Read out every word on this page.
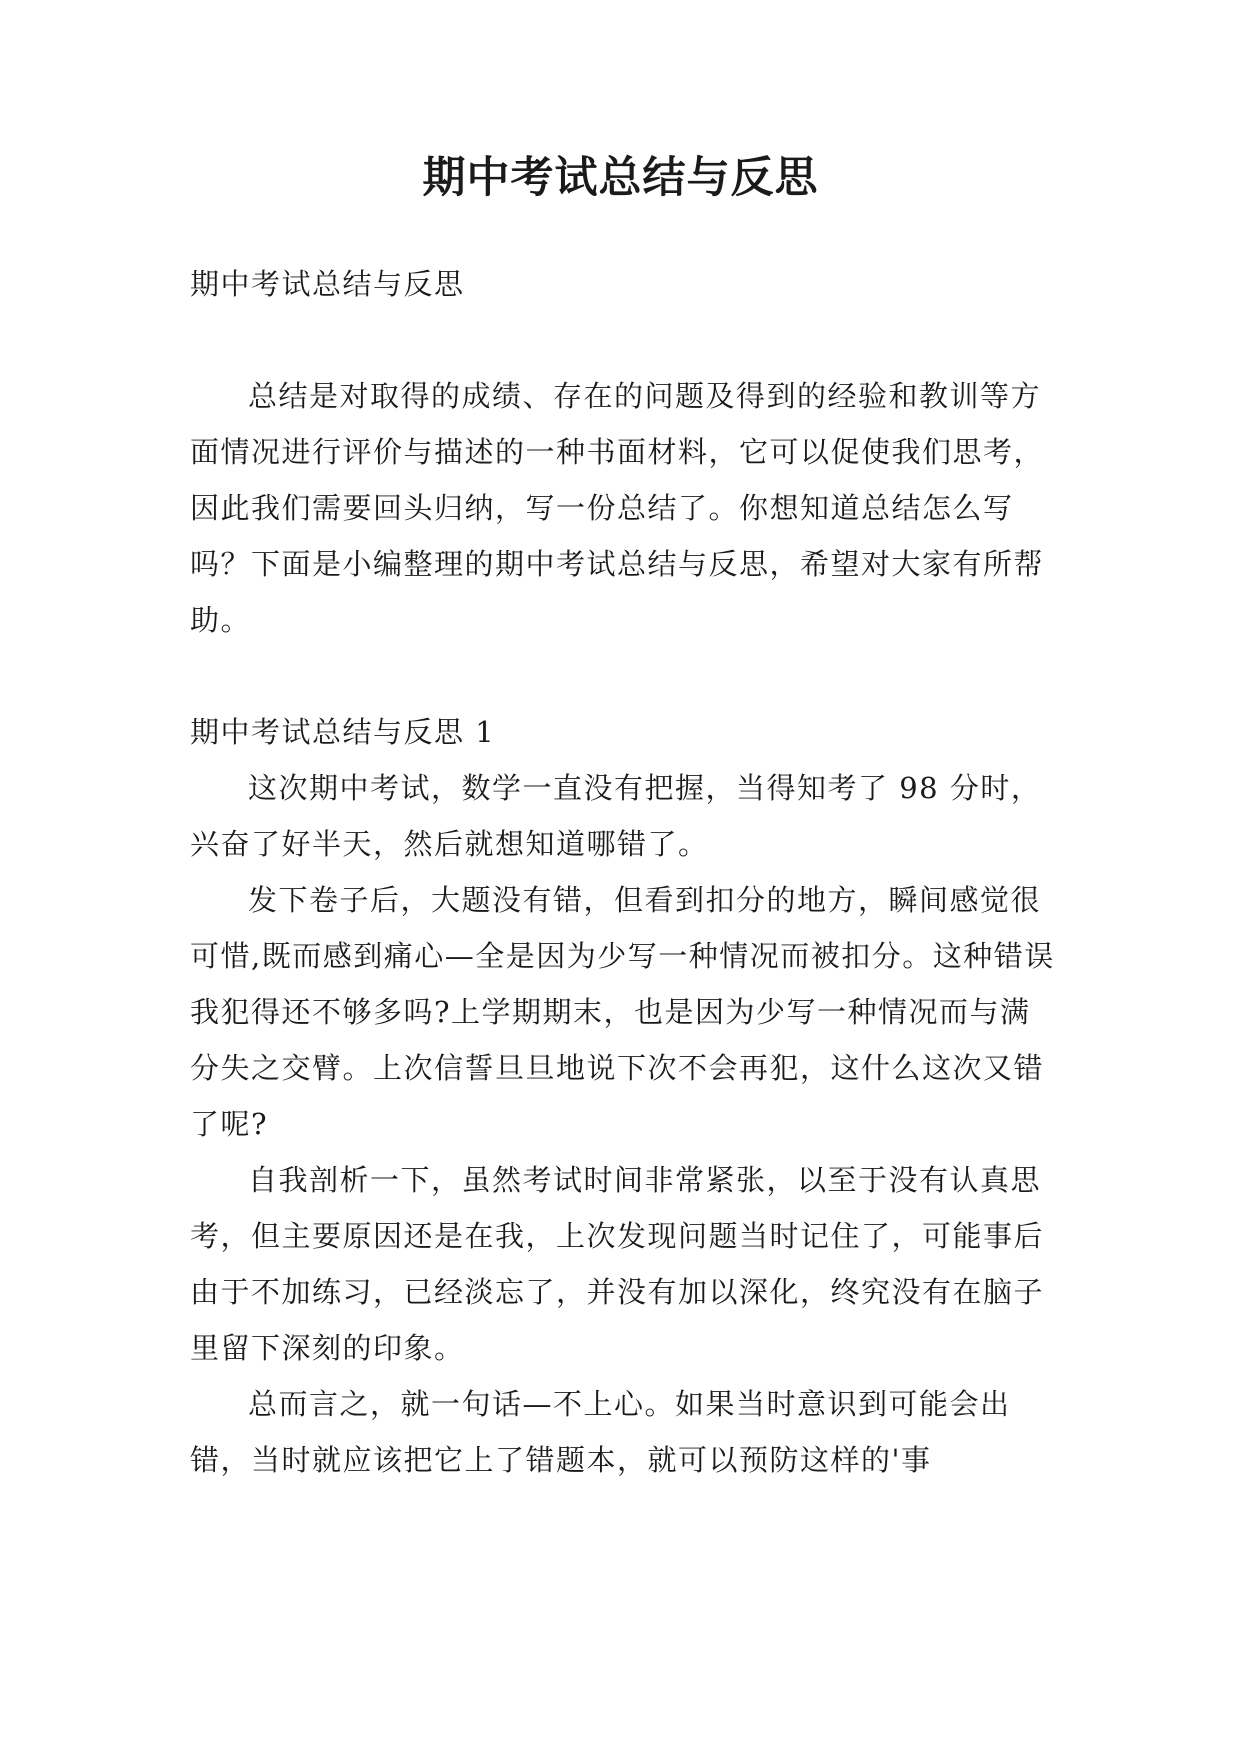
期中考试总结与反思

期中考试总结与反思

总结是对取得的成绩、存在的问题及得到的经验和教训等方面情况进行评价与描述的一种书面材料，它可以促使我们思考，因此我们需要回头归纳，写一份总结了。你想知道总结怎么写吗？下面是小编整理的期中考试总结与反思，希望对大家有所帮助。

期中考试总结与反思 1

这次期中考试，数学一直没有把握，当得知考了 98 分时，兴奋了好半天，然后就想知道哪错了。

发下卷子后，大题没有错，但看到扣分的地方，瞬间感觉很可惜,既而感到痛心—全是因为少写一种情况而被扣分。这种错误我犯得还不够多吗?上学期期末，也是因为少写一种情况而与满分失之交臂。上次信誓旦旦地说下次不会再犯，这什么这次又错了呢?

自我剖析一下，虽然考试时间非常紧张，以至于没有认真思考，但主要原因还是在我，上次发现问题当时记住了，可能事后由于不加练习，已经淡忘了，并没有加以深化，终究没有在脑子里留下深刻的印象。

总而言之，就一句话—不上心。如果当时意识到可能会出错，当时就应该把它上了错题本，就可以预防这样的'事
